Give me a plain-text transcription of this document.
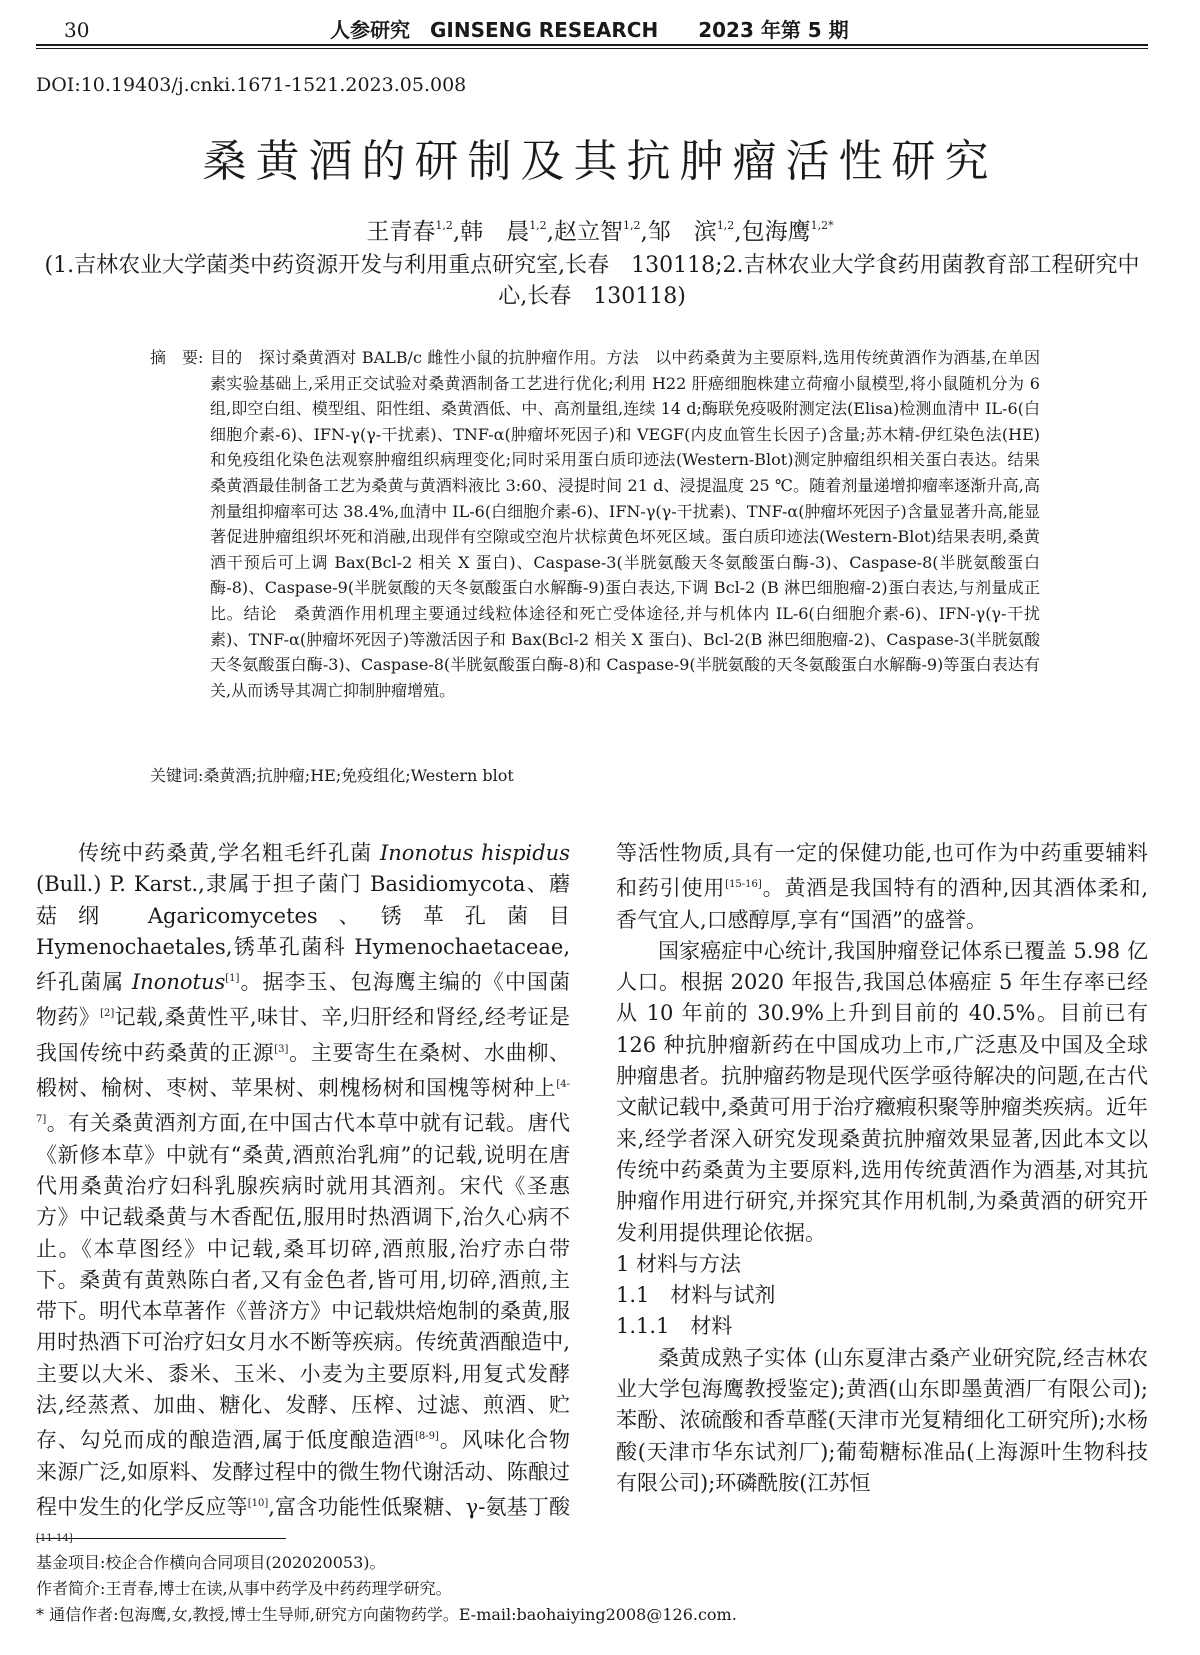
30	人参研究　GINSENG RESEARCH　　2023 年第 5 期
DOI:10.19403/j.cnki.1671-1521.2023.05.008
桑黄酒的研制及其抗肿瘤活性研究
王青春$^{1,2}$,韩　晨$^{1,2}$,赵立智$^{1,2}$,邹　滨$^{1,2}$,包海鹰$^{1,2*}$
(1.吉林农业大学菌类中药资源开发与利用重点研究室,长春　130118;2.吉林农业大学食药用菌教育部工程研究中心,长春　130118)
摘　要: 目的　探讨桑黄酒对 BALB/c 雌性小鼠的抗肿瘤作用。方法　以中药桑黄为主要原料,选用传统黄酒作为酒基,在单因素实验基础上,采用正交试验对桑黄酒制备工艺进行优化;利用 H22 肝癌细胞株建立荷瘤小鼠模型,将小鼠随机分为 6 组,即空白组、模型组、阳性组、桑黄酒低、中、高剂量组,连续 14 d;酶联免疫吸附测定法(Elisa)检测血清中 IL-6(白细胞介素-6)、IFN-γ(γ-干扰素)、TNF-α(肿瘤坏死因子)和 VEGF(内皮血管生长因子)含量;苏木精-伊红染色法(HE)和免疫组化染色法观察肿瘤组织病理变化;同时采用蛋白质印迹法(Western-Blot)测定肿瘤组织相关蛋白表达。结果　桑黄酒最佳制备工艺为桑黄与黄酒料液比 3:60、浸提时间 21 d、浸提温度 25 ℃。随着剂量递增抑瘤率逐渐升高,高剂量组抑瘤率可达 38.4%,血清中 IL-6(白细胞介素-6)、IFN-γ(γ-干扰素)、TNF-α(肿瘤坏死因子)含量显著升高,能显著促进肿瘤组织坏死和消融,出现伴有空隙或空泡片状棕黄色坏死区域。蛋白质印迹法(Western-Blot)结果表明,桑黄酒干预后可上调 Bax(Bcl-2 相关 X 蛋白)、Caspase-3(半胱氨酸天冬氨酸蛋白酶-3)、Caspase-8(半胱氨酸蛋白酶-8)、Caspase-9(半胱氨酸的天冬氨酸蛋白水解酶-9)蛋白表达,下调 Bcl-2 (B 淋巴细胞瘤-2)蛋白表达,与剂量成正比。结论　桑黄酒作用机理主要通过线粒体途径和死亡受体途径,并与机体内 IL-6(白细胞介素-6)、IFN-γ(γ-干扰素)、TNF-α(肿瘤坏死因子)等激活因子和 Bax(Bcl-2 相关 X 蛋白)、Bcl-2(B 淋巴细胞瘤-2)、Caspase-3(半胱氨酸天冬氨酸蛋白酶-3)、Caspase-8(半胱氨酸蛋白酶-8)和 Caspase-9(半胱氨酸的天冬氨酸蛋白水解酶-9)等蛋白表达有关,从而诱导其凋亡抑制肿瘤增殖。
关键词:桑黄酒;抗肿瘤;HE;免疫组化;Western blot

传统中药桑黄,学名粗毛纤孔菌 Inonotus hispidus (Bull.) P. Karst.,隶属于担子菌门 Basidiomycota、蘑菇纲 Agaricomycetes、锈革孔菌目 Hymenochaetales,锈革孔菌科 Hymenochaetaceae,纤孔菌属 Inonotus[1]。据李玉、包海鹰主编的《中国菌物药》[2]记载,桑黄性平,味甘、辛,归肝经和肾经,经考证是我国传统中药桑黄的正源[3]。主要寄生在桑树、水曲柳、椴树、榆树、枣树、苹果树、刺槐杨树和国槐等树种上[4-7]。有关桑黄酒剂方面,在中国古代本草中就有记载。唐代《新修本草》中就有“桑黄,酒煎治乳痈”的记载,说明在唐代用桑黄治疗妇科乳腺疾病时就用其酒剂。宋代《圣惠方》中记载桑黄与木香配伍,服用时热酒调下,治久心病不止。《本草图经》中记载,桑耳切碎,酒煎服,治疗赤白带下。桑黄有黄熟陈白者,又有金色者,皆可用,切碎,酒煎,主带下。明代本草著作《普济方》中记载烘焙炮制的桑黄,服用时热酒下可治疗妇女月水不断等疾病。传统黄酒酿造中,主要以大米、黍米、玉米、小麦为主要原料,用复式发酵法,经蒸煮、加曲、糖化、发酵、压榨、过滤、煎酒、贮存、勾兑而成的酿造酒,属于低度酿造酒[8-9]。风味化合物来源广泛,如原料、发酵过程中的微生物代谢活动、陈酿过程中发生的化学反应等[10],富含功能性低聚糖、γ-氨基丁酸

等活性物质,具有一定的保健功能,也可作为中药重要辅料和药引使用[15-16]。黄酒是我国特有的酒种,因其酒体柔和,香气宜人,口感醇厚,享有“国酒”的盛誉。

国家癌症中心统计,我国肿瘤登记体系已覆盖 5.98 亿人口。根据 2020 年报告,我国总体癌症 5 年生存率已经从 10 年前的 30.9%上升到目前的 40.5%。目前已有 126 种抗肿瘤新药在中国成功上市,广泛惠及中国及全球肿瘤患者。抗肿瘤药物是现代医学亟待解决的问题,在古代文献记载中,桑黄可用于治疗癥瘕积聚等肿瘤类疾病。近年来,经学者深入研究发现桑黄抗肿瘤效果显著,因此本文以传统中药桑黄为主要原料,选用传统黄酒作为酒基,对其抗肿瘤作用进行研究,并探究其作用机制,为桑黄酒的研究开发利用提供理论依据。

1 材料与方法

1.1　材料与试剂

1.1.1　材料

桑黄成熟子实体 (山东夏津古桑产业研究院,经吉林农业大学包海鹰教授鉴定);黄酒(山东即墨黄酒厂有限公司);苯酚、浓硫酸和香草醛(天津市光复精细化工研究所);水杨酸(天津市华东试剂厂);葡萄糖标准品(上海源叶生物科技有限公司);环磷酰胺(江苏恒

基金项目:校企合作横向合同项目(202020053)。
作者简介:王青春,博士在读,从事中药学及中药药理学研究。
* 通信作者:包海鹰,女,教授,博士生导师,研究方向菌物药学。E-mail:baohaiying2008@126.com.
